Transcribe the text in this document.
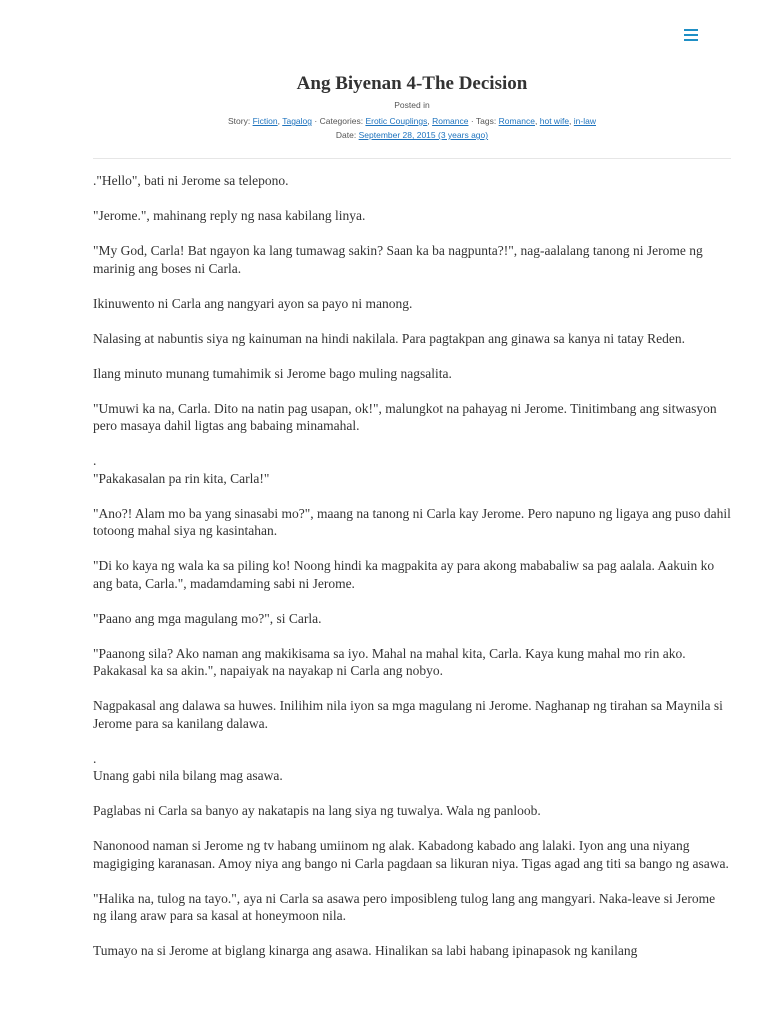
Ang Biyenan 4-The Decision
Posted in
Story: Fiction, Tagalog · Categories: Erotic Couplings, Romance · Tags: Romance, hot wife, in-law
Date: September 28, 2015 (3 years ago)

."Hello", bati ni Jerome sa telepono.

"Jerome.", mahinang reply ng nasa kabilang linya.

"My God, Carla! Bat ngayon ka lang tumawag sakin? Saan ka ba nagpunta?!", nag-aalalang tanong ni Jerome ng marinig ang boses ni Carla.

Ikinuwento ni Carla ang nangyari ayon sa payo ni manong.

Nalasing at nabuntis siya ng kainuman na hindi nakilala. Para pagtakpan ang ginawa sa kanya ni tatay Reden.

Ilang minuto munang tumahimik si Jerome bago muling nagsalita.

"Umuwi ka na, Carla. Dito na natin pag usapan, ok!", malungkot na pahayag ni Jerome. Tinitimbang ang sitwasyon pero masaya dahil ligtas ang babaing minamahal.

.
"Pakakasalan pa rin kita, Carla!"

"Ano?! Alam mo ba yang sinasabi mo?", maang na tanong ni Carla kay Jerome. Pero napuno ng ligaya ang puso dahil totoong mahal siya ng kasintahan.

"Di ko kaya ng wala ka sa piling ko! Noong hindi ka magpakita ay para akong mababaliw sa pag aalala. Aakuin ko ang bata, Carla.", madamdaming sabi ni Jerome.

"Paano ang mga magulang mo?", si Carla.

"Paanong sila? Ako naman ang makikisama sa iyo. Mahal na mahal kita, Carla. Kaya kung mahal mo rin ako. Pakakasal ka sa akin.", napaiyak na nayakap ni Carla ang nobyo.

Nagpakasal ang dalawa sa huwes. Inilihim nila iyon sa mga magulang ni Jerome. Naghanap ng tirahan sa Maynila si Jerome para sa kanilang dalawa.

.
Unang gabi nila bilang mag asawa.

Paglabas ni Carla sa banyo ay nakatapis na lang siya ng tuwalya. Wala ng panloob.

Nanonood naman si Jerome ng tv habang umiinom ng alak. Kabadong kabado ang lalaki. Iyon ang una niyang magigiging karanasan. Amoy niya ang bango ni Carla pagdaan sa likuran niya. Tigas agad ang titi sa bango ng asawa.

"Halika na, tulog na tayo.", aya ni Carla sa asawa pero imposibleng tulog lang ang mangyari. Naka-leave si Jerome ng ilang araw para sa kasal at honeymoon nila.

Tumayo na si Jerome at biglang kinarga ang asawa. Hinalikan sa labi habang ipinapasok ng kanilang
